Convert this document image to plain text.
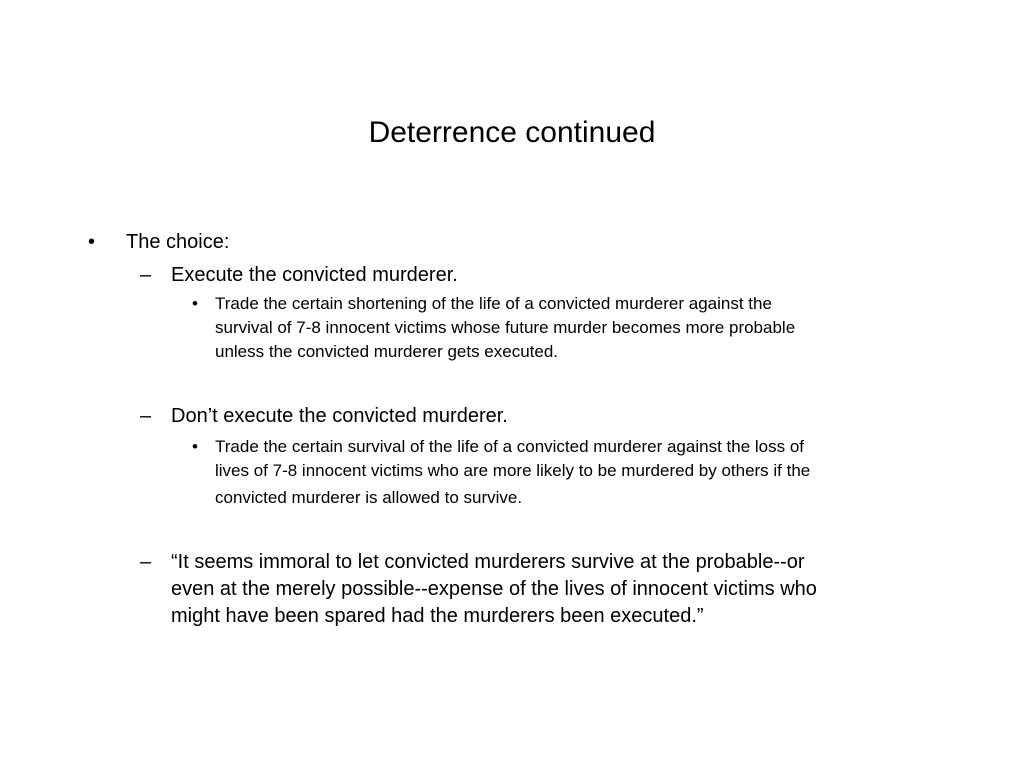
Deterrence continued
• The choice:
– Execute the convicted murderer.
• Trade the certain shortening of the life of a convicted murderer against the
survival of 7-8 innocent victims whose future murder becomes more probable
unless the convicted murderer gets executed.
– Don’t execute the convicted murderer.
• Trade the certain survival of the life of a convicted murderer against the loss of
lives of 7-8 innocent victims who are more likely to be murdered by others if the
convicted murderer is allowed to survive.
– “It seems immoral to let convicted murderers survive at the probable--or
even at the merely possible--expense of the lives of innocent victims who
might have been spared had the murderers been executed.”
